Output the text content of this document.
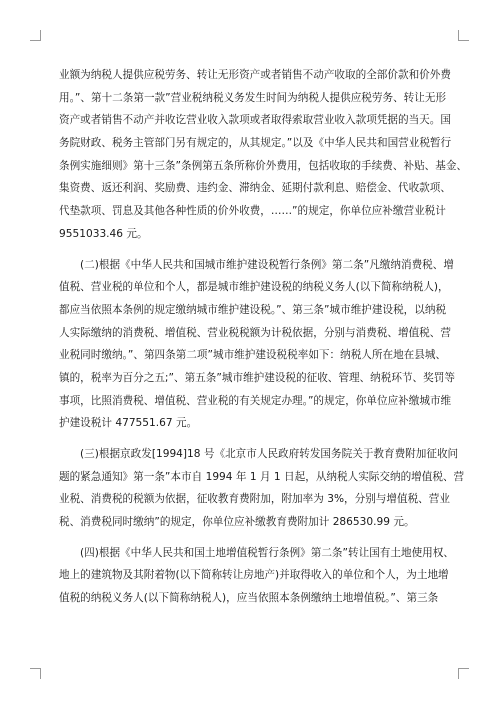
业额为纳税人提供应税劳务、转让无形资产或者销售不动产收取的全部价款和价外费
用。”、第十二条第一款”营业税纳税义务发生时间为纳税人提供应税劳务、转让无形
资产或者销售不动产并收讫营业收入款项或者取得索取营业收入款项凭据的当天。国
务院财政、税务主管部门另有规定的，从其规定。”以及《中华人民共和国营业税暂行
条例实施细则》第十三条”条例第五条所称价外费用，包括收取的手续费、补贴、基金、
集资费、返还利润、奖励费、违约金、滞纳金、延期付款利息、赔偿金、代收款项、
代垫款项、罚息及其他各种性质的价外收费，……”的规定，你单位应补缴营业税计
9551033.46 元。
(二)根据《中华人民共和国城市维护建设税暂行条例》第二条”凡缴纳消费税、增
值税、营业税的单位和个人，都是城市维护建设税的纳税义务人(以下简称纳税人)，
都应当依照本条例的规定缴纳城市维护建设税。”、第三条”城市维护建设税，以纳税
人实际缴纳的消费税、增值税、营业税税额为计税依据，分别与消费税、增值税、营
业税同时缴纳。”、第四条第二项”城市维护建设税税率如下：纳税人所在地在县城、
镇的，税率为百分之五;”、第五条”城市维护建设税的征收、管理、纳税环节、奖罚等
事项，比照消费税、增值税、营业税的有关规定办理。”的规定，你单位应补缴城市维
护建设税计 477551.67 元。
(三)根据京政发[1994]18 号《北京市人民政府转发国务院关于教育费附加征收问
题的紧急通知》第一条”本市自 1994 年 1 月 1 日起，从纳税人实际交纳的增值税、营
业税、消费税的税额为依据，征收教育费附加，附加率为 3%，分别与增值税、营业
税、消费税同时缴纳”的规定，你单位应补缴教育费附加计 286530.99 元。
(四)根据《中华人民共和国土地增值税暂行条例》第二条”转让国有土地使用权、
地上的建筑物及其附着物(以下简称转让房地产)并取得收入的单位和个人，为土地增
值税的纳税义务人(以下简称纳税人)，应当依照本条例缴纳土地增值税。”、第三条
